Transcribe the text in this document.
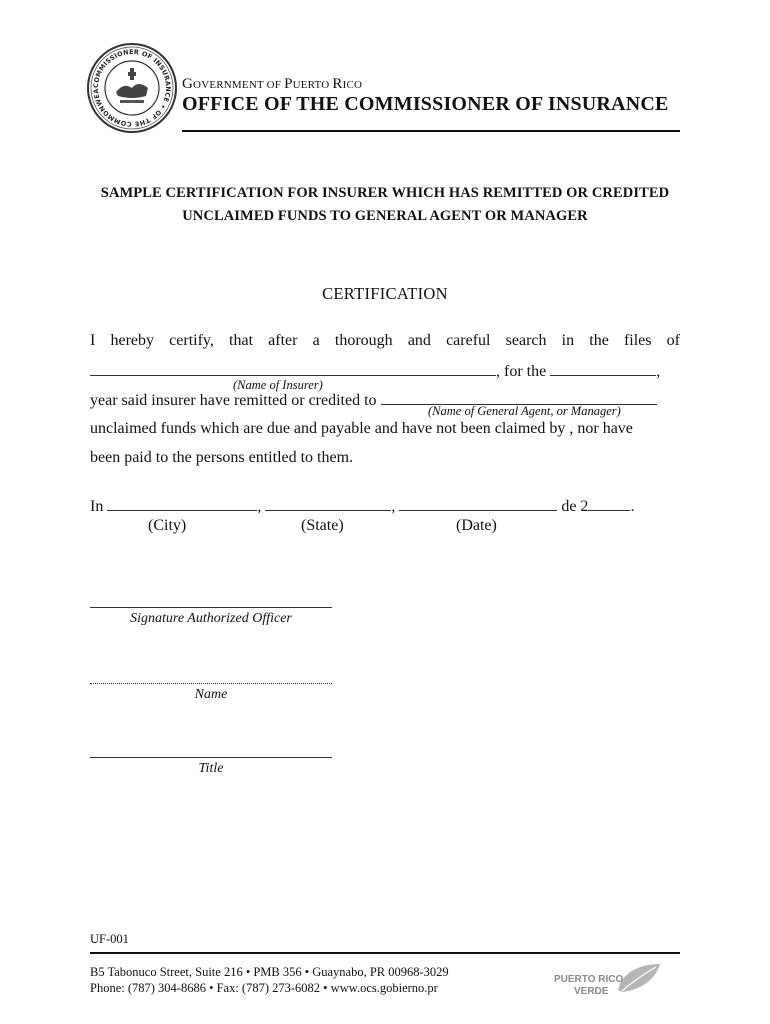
COMMISSIONER OF INSURANCE • OF THE COMMONWEA	GOVERNMENT OF PUERTO RICO
OFFICE OF THE COMMISSIONER OF INSURANCE
SAMPLE CERTIFICATION FOR INSURER WHICH HAS REMITTED OR CREDITED
UNCLAIMED FUNDS TO GENERAL AGENT OR MANAGER
CERTIFICATION
I hereby certify, that after a thorough and careful search in the files of
, for the	,
(Name of Insurer)
year said insurer have remitted or credited to
(Name of General Agent, or Manager)
unclaimed funds which are due and payable and have not been claimed by , nor have
been paid to the persons entitled to them.
In	,	,	de 2	.
(City)	(State)	(Date)
Signature Authorized Officer
Name
Title
UF-001
B5 Tabonuco Street, Suite 216 • PMB 356 • Guaynabo, PR 00968-3029
Phone: (787) 304-8686 • Fax: (787) 273-6082 • www.ocs.gobierno.pr
PUERTO RICO
VERDE
